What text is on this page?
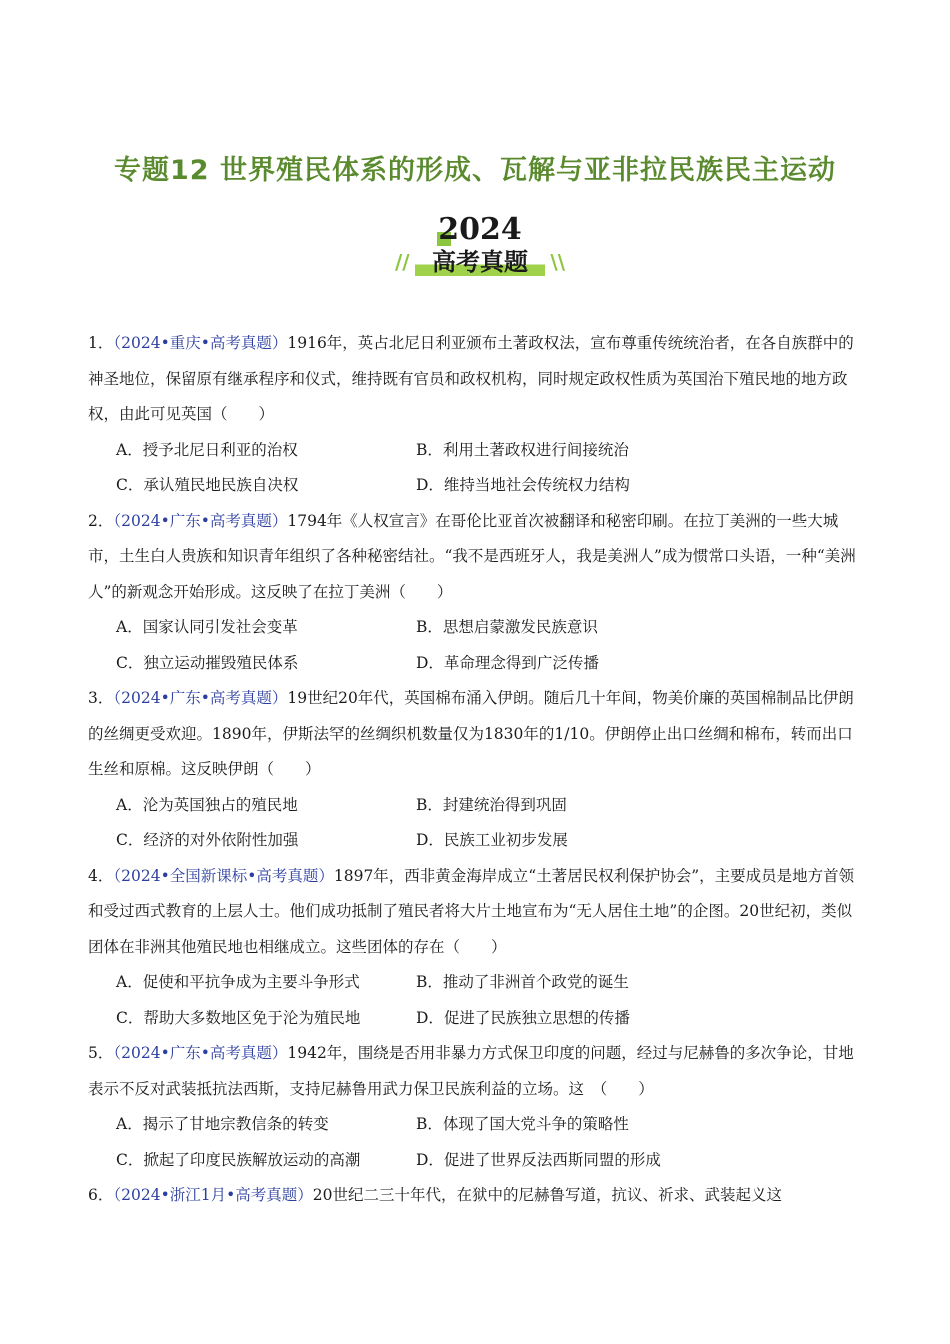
专题12 世界殖民体系的形成、瓦解与亚非拉民族民主运动
2024
高考真题
//	\\
1．（2024•重庆•高考真题）1916年，英占北尼日利亚颁布土著政权法，宣布尊重传统统治者，在各自族群中的神圣地位，保留原有继承程序和仪式，维持既有官员和政权机构，同时规定政权性质为英国治下殖民地的地方政权，由此可见英国（　　）
A．授予北尼日利亚的治权	B．利用土著政权进行间接统治
C．承认殖民地民族自决权	D．维持当地社会传统权力结构
2．（2024•广东•高考真题）1794年《人权宣言》在哥伦比亚首次被翻译和秘密印刷。在拉丁美洲的一些大城市，土生白人贵族和知识青年组织了各种秘密结社。“我不是西班牙人，我是美洲人”成为惯常口头语，一种“美洲人”的新观念开始形成。这反映了在拉丁美洲（　　）
A．国家认同引发社会变革	B．思想启蒙激发民族意识
C．独立运动摧毁殖民体系	D．革命理念得到广泛传播
3．（2024•广东•高考真题）19世纪20年代，英国棉布涌入伊朗。随后几十年间，物美价廉的英国棉制品比伊朗的丝绸更受欢迎。1890年，伊斯法罕的丝绸织机数量仅为1830年的1/10。伊朗停止出口丝绸和棉布，转而出口生丝和原棉。这反映伊朗（　　）
A．沦为英国独占的殖民地	B．封建统治得到巩固
C．经济的对外依附性加强	D．民族工业初步发展
4．（2024•全国新课标•高考真题）1897年，西非黄金海岸成立“土著居民权利保护协会”，主要成员是地方首领和受过西式教育的上层人士。他们成功抵制了殖民者将大片土地宣布为“无人居住土地”的企图。20世纪初，类似团体在非洲其他殖民地也相继成立。这些团体的存在（　　）
A．促使和平抗争成为主要斗争形式	B．推动了非洲首个政党的诞生
C．帮助大多数地区免于沦为殖民地	D．促进了民族独立思想的传播
5．（2024•广东•高考真题）1942年，围绕是否用非暴力方式保卫印度的问题，经过与尼赫鲁的多次争论，甘地表示不反对武装抵抗法西斯，支持尼赫鲁用武力保卫民族利益的立场。这　（　　）
A．揭示了甘地宗教信条的转变	B．体现了国大党斗争的策略性
C．掀起了印度民族解放运动的高潮	D．促进了世界反法西斯同盟的形成
6．（2024•浙江1月•高考真题）20世纪二三十年代，在狱中的尼赫鲁写道，抗议、祈求、武装起义这
